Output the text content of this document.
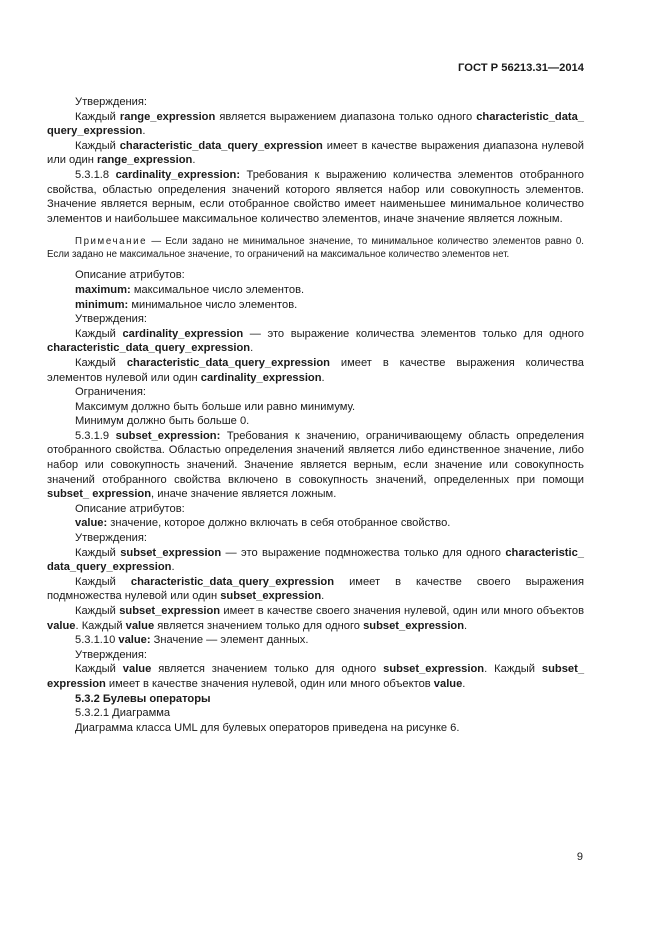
ГОСТ Р 56213.31—2014

Утверждения:

Каждый range_expression является выражением диапазона только одного characteristic_data_ query_expression.

Каждый characteristic_data_query_expression имеет в качестве выражения диапазона нулевой или один range_expression.

5.3.1.8 cardinality_expression: Требования к выражению количества элементов отобранного свойства, областью определения значений которого является набор или совокупность элементов. Значение является верным, если отобранное свойство имеет наименьшее минимальное количество элементов и наибольшее максимальное количество элементов, иначе значение является ложным.

Примечание — Если задано не минимальное значение, то минимальное количество элементов равно 0. Если задано не максимальное значение, то ограничений на максимальное количество элементов нет.

Описание атрибутов:

maximum: максимальное число элементов.

minimum: минимальное число элементов.

Утверждения:

Каждый cardinality_expression — это выражение количества элементов только для одного characteristic_data_query_expression.

Каждый characteristic_data_query_expression имеет в качестве выражения количества элементов нулевой или один cardinality_expression.

Ограничения:

Максимум должно быть больше или равно минимуму.

Минимум должно быть больше 0.

5.3.1.9 subset_expression: Требования к значению, ограничивающему область определения отобранного свойства. Областью определения значений является либо единственное значение, либо набор или совокупность значений. Значение является верным, если значение или совокупность значений отобранного свойства включено в совокупность значений, определенных при помощи subset_ expression, иначе значение является ложным.

Описание атрибутов:

value: значение, которое должно включать в себя отобранное свойство.

Утверждения:

Каждый subset_expression — это выражение подмножества только для одного characteristic_ data_query_expression.

Каждый characteristic_data_query_expression имеет в качестве своего выражения подмножества нулевой или один subset_expression.

Каждый subset_expression имеет в качестве своего значения нулевой, один или много объектов value. Каждый value является значением только для одного subset_expression.

5.3.1.10 value: Значение — элемент данных.

Утверждения:

Каждый value является значением только для одного subset_expression. Каждый subset_ expression имеет в качестве значения нулевой, один или много объектов value.

5.3.2 Булевы операторы

5.3.2.1 Диаграмма

Диаграмма класса UML для булевых операторов приведена на рисунке 6.

9
